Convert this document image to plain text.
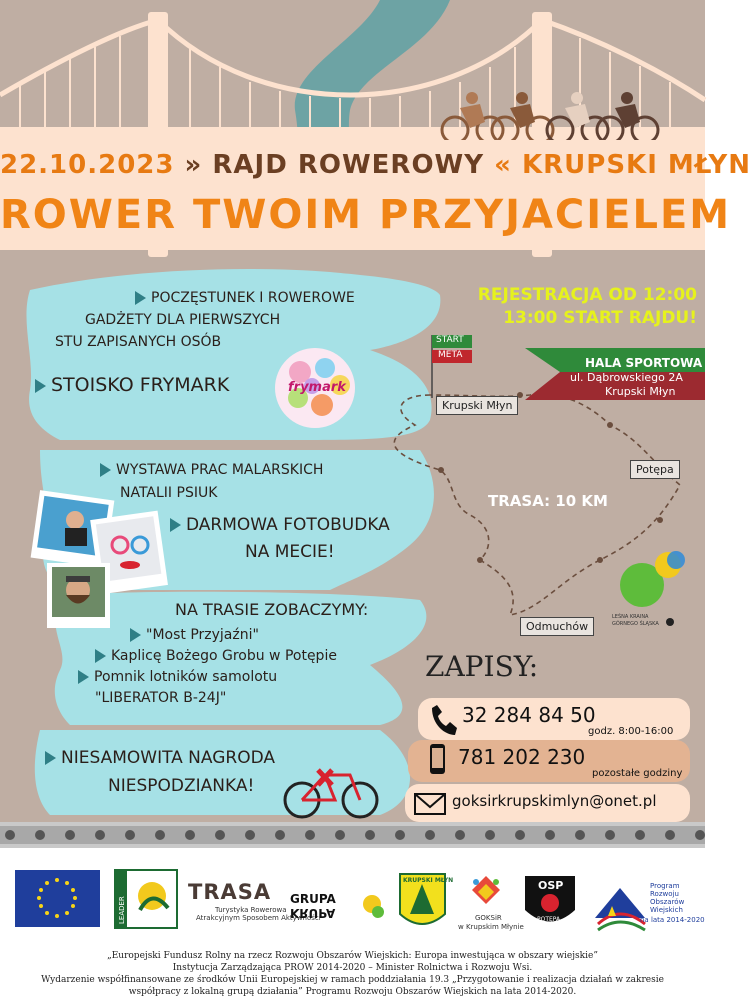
22.10.2023 » RAJD ROWEROWY « KRUPSKI MŁYN
ROWER TWOIM PRZYJACIELEM
REJESTRACJA OD 12:00
13:00 START RAJDU!
POCZĘSTUNEK I ROWEROWE
GADŻETY DLA PIERWSZYCH
STU ZAPISANYCH OSÓB
STOISKO FRYMARK	frymark
WYSTAWA PRAC MALARSKICH
NATALII PSIUK
DARMOWA FOTOBUDKA
NA MECIE!
NA TRASIE ZOBACZYMY:
"Most Przyjaźni"
Kaplicę Bożego Grobu w Potępie
Pomnik lotników samolotu
"LIBERATOR B-24J"
NIESAMOWITA NAGRODA
NIESPODZIANKA!
START
META
HALA SPORTOWA
ul. Dąbrowskiego 2A
Krupski Młyn
Krupski Młyn
Potępa
Odmuchów
TRASA: 10 KM
LEŚNA KRAINA
GÓRNEGO ŚLĄSKA
ZAPISY:
32 284 84 50
godz. 8:00-16:00
781 202 230
pozostałe godziny
goksirkrupskimlyn@onet.pl
LEADER
TRASA
Turystyka Rowerowa
Atrakcyjnym Sposobem Aktywności
GRUPA
KRUPA
KRUPSKI MŁYN
GOKSiR
w Krupskim Młynie
OSP
POTĘPA
Program
Rozwoju
Obszarów
Wiejskich
na lata 2014-2020
„Europejski Fundusz Rolny na rzecz Rozwoju Obszarów Wiejskich: Europa inwestująca w obszary wiejskie”
Instytucja Zarządzająca PROW 2014-2020 – Minister Rolnictwa i Rozwoju Wsi.
Wydarzenie współfinansowane ze środków Unii Europejskiej w ramach poddziałania 19.3 „Przygotowanie i realizacja działań w zakresie
współpracy z lokalną grupą działania” Programu Rozwoju Obszarów Wiejskich na lata 2014-2020.
